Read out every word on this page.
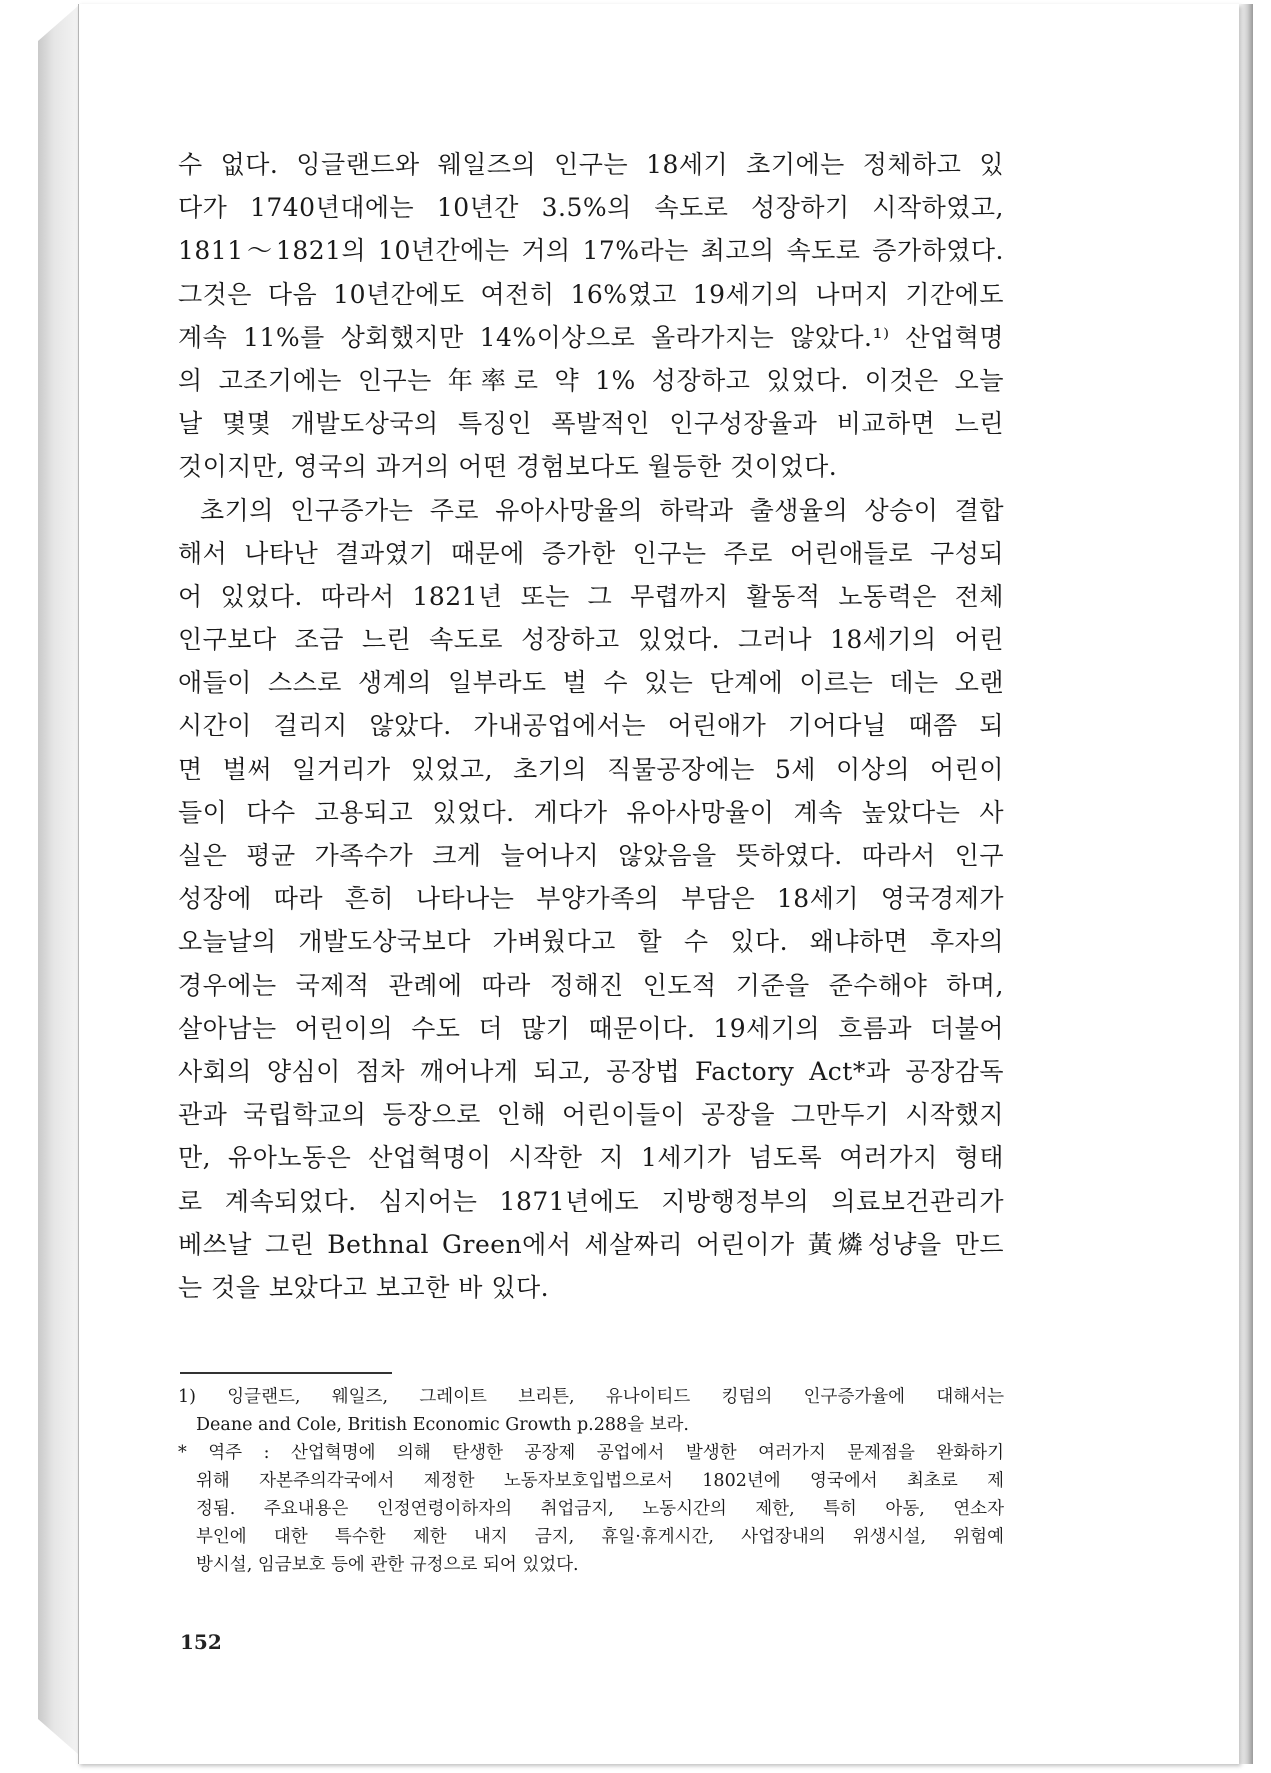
수 없다. 잉글랜드와 웨일즈의 인구는 18세기 초기에는 정체하고 있
다가 1740년대에는 10년간 3.5%의 속도로 성장하기 시작하였고,
1811～1821의 10년간에는 거의 17%라는 최고의 속도로 증가하였다.
그것은 다음 10년간에도 여전히 16%였고 19세기의 나머지 기간에도
계속 11%를 상회했지만 14%이상으로 올라가지는 않았다.¹⁾ 산업혁명
의 고조기에는 인구는 年率로 약 1% 성장하고 있었다. 이것은 오늘
날 몇몇 개발도상국의 특징인 폭발적인 인구성장율과 비교하면 느린
것이지만, 영국의 과거의 어떤 경험보다도 월등한 것이었다.
초기의 인구증가는 주로 유아사망율의 하락과 출생율의 상승이 결합
해서 나타난 결과였기 때문에 증가한 인구는 주로 어린애들로 구성되
어 있었다. 따라서 1821년 또는 그 무렵까지 활동적 노동력은 전체
인구보다 조금 느린 속도로 성장하고 있었다. 그러나 18세기의 어린
애들이 스스로 생계의 일부라도 벌 수 있는 단계에 이르는 데는 오랜
시간이 걸리지 않았다. 가내공업에서는 어린애가 기어다닐 때쯤 되
면 벌써 일거리가 있었고, 초기의 직물공장에는 5세 이상의 어린이
들이 다수 고용되고 있었다. 게다가 유아사망율이 계속 높았다는 사
실은 평균 가족수가 크게 늘어나지 않았음을 뜻하였다. 따라서 인구
성장에 따라 흔히 나타나는 부양가족의 부담은 18세기 영국경제가
오늘날의 개발도상국보다 가벼웠다고 할 수 있다. 왜냐하면 후자의
경우에는 국제적 관례에 따라 정해진 인도적 기준을 준수해야 하며,
살아남는 어린이의 수도 더 많기 때문이다. 19세기의 흐름과 더불어
사회의 양심이 점차 깨어나게 되고, 공장법 Factory Act*과 공장감독
관과 국립학교의 등장으로 인해 어린이들이 공장을 그만두기 시작했지
만, 유아노동은 산업혁명이 시작한 지 1세기가 넘도록 여러가지 형태
로 계속되었다. 심지어는 1871년에도 지방행정부의 의료보건관리가
베쓰날 그린 Bethnal Green에서 세살짜리 어린이가 黃燐성냥을 만드
는 것을 보았다고 보고한 바 있다.
1) 잉글랜드, 웨일즈, 그레이트 브리튼, 유나이티드 킹덤의 인구증가율에 대해서는
Deane and Cole, British Economic Growth p.288을 보라.
* 역주 : 산업혁명에 의해 탄생한 공장제 공업에서 발생한 여러가지 문제점을 완화하기
위해 자본주의각국에서 제정한 노동자보호입법으로서 1802년에 영국에서 최초로 제
정됨. 주요내용은 인정연령이하자의 취업금지, 노동시간의 제한, 특히 아동, 연소자
부인에 대한 특수한 제한 내지 금지, 휴일·휴게시간, 사업장내의 위생시설, 위험예
방시설, 임금보호 등에 관한 규정으로 되어 있었다.
152
